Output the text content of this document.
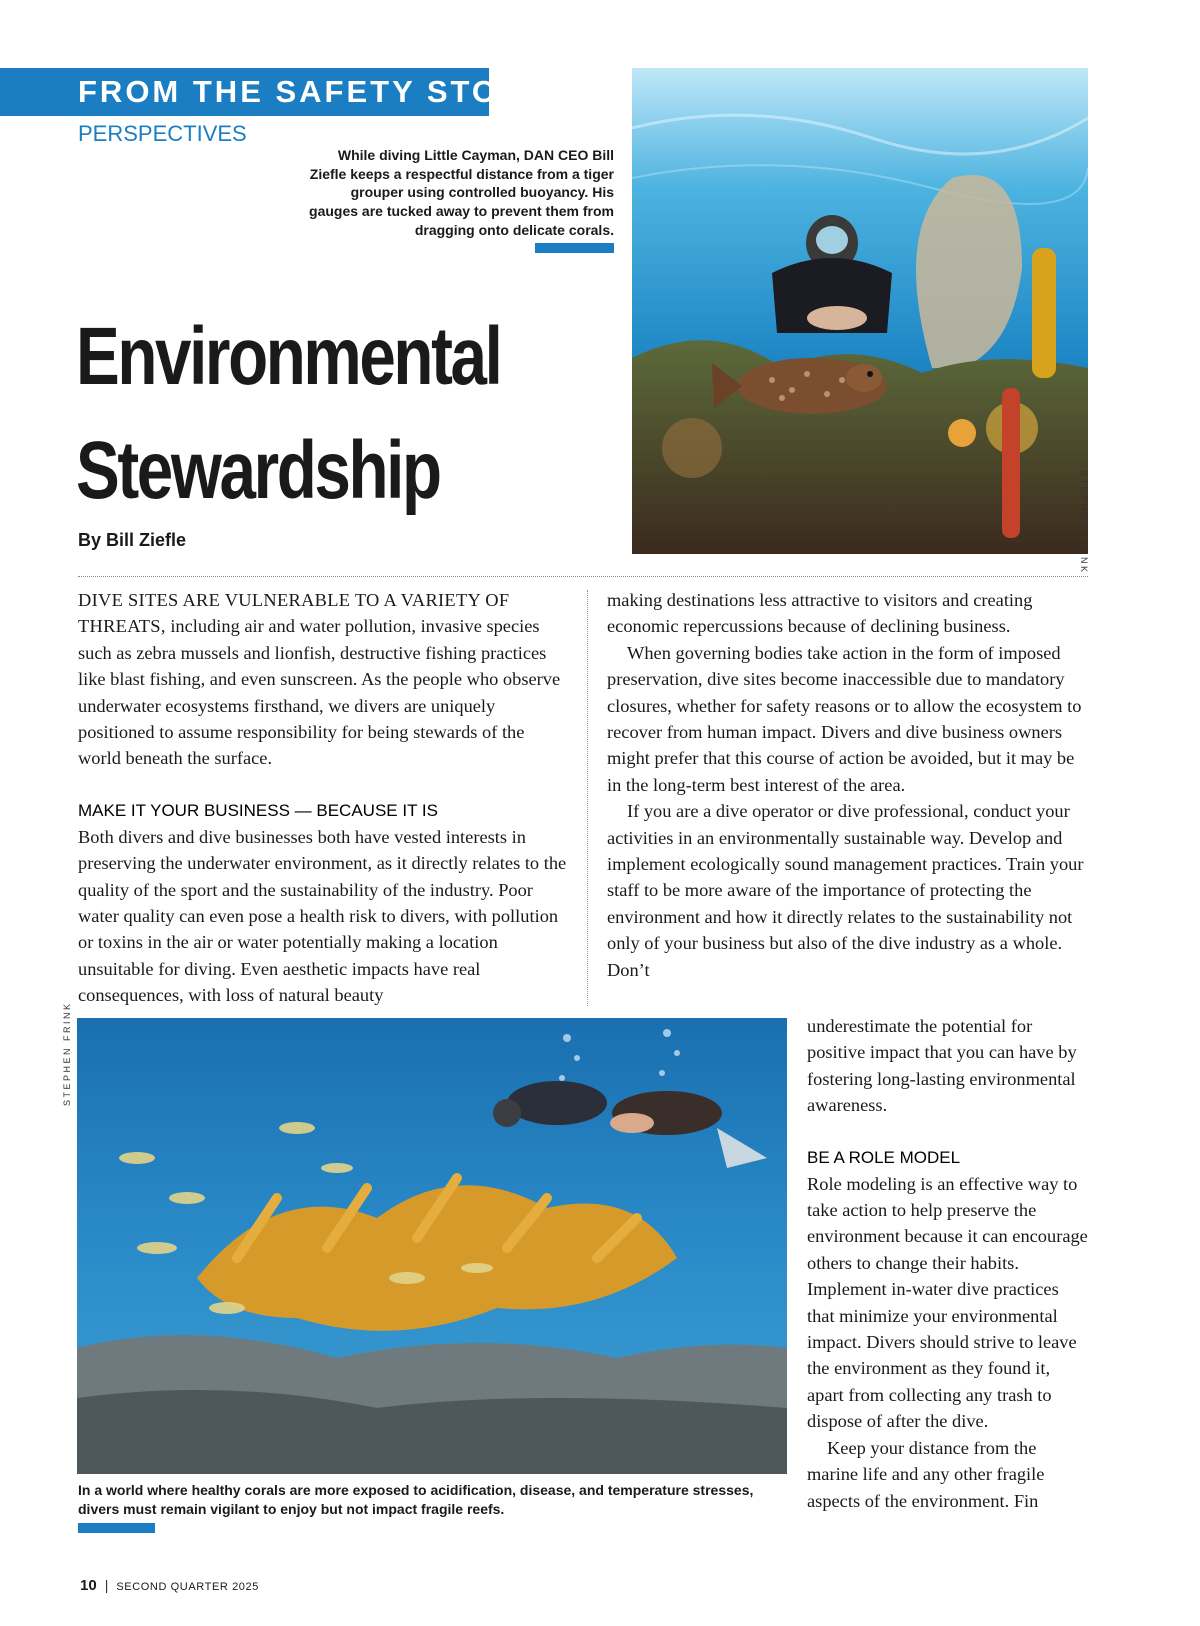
FROM THE SAFETY STOP
PERSPECTIVES
While diving Little Cayman, DAN CEO Bill Ziefle keeps a respectful distance from a tiger grouper using controlled buoyancy. His gauges are tucked away to prevent them from dragging onto delicate corals.
Environmental
Stewardship
By Bill Ziefle	STEPHEN FRINK

DIVE SITES ARE VULNERABLE TO A VARIETY OF THREATS, including air and water pollution, invasive species such as zebra mussels and lionfish, destructive fishing practices like blast fishing, and even sunscreen. As the people who observe underwater ecosystems firsthand, we divers are uniquely positioned to assume responsibility for being stewards of the world beneath the surface.

MAKE IT YOUR BUSINESS — BECAUSE IT IS

Both divers and dive businesses both have vested interests in preserving the underwater environment, as it directly relates to the quality of the sport and the sustainability of the industry. Poor water quality can even pose a health risk to divers, with pollution or toxins in the air or water potentially making a location unsuitable for diving. Even aesthetic impacts have real consequences, with loss of natural beauty

making destinations less attractive to visitors and creating economic repercussions because of declining business.

When governing bodies take action in the form of imposed preservation, dive sites become inaccessible due to mandatory closures, whether for safety reasons or to allow the ecosystem to recover from human impact. Divers and dive business owners might prefer that this course of action be avoided, but it may be in the long-term best interest of the area.

If you are a dive operator or dive professional, conduct your activities in an environmentally sustainable way. Develop and implement ecologically sound management practices. Train your staff to be more aware of the importance of protecting the environment and how it directly relates to the sustainability not only of your business but also of the dive industry as a whole. Don’t

underestimate the potential for positive impact that you can have by fostering long-lasting environmental awareness.

BE A ROLE MODEL

Role modeling is an effective way to take action to help preserve the environment because it can encourage others to change their habits. Implement in-water dive practices that minimize your environmental impact. Divers should strive to leave the environment as they found it, apart from collecting any trash to dispose of after the dive.

Keep your distance from the marine life and any other fragile aspects of the environment. Fin

STEPHEN FRINK
In a world where healthy corals are more exposed to acidification, disease, and temperature stresses, divers must remain vigilant to enjoy but not impact fragile reefs.
10 | SECOND QUARTER 2025
